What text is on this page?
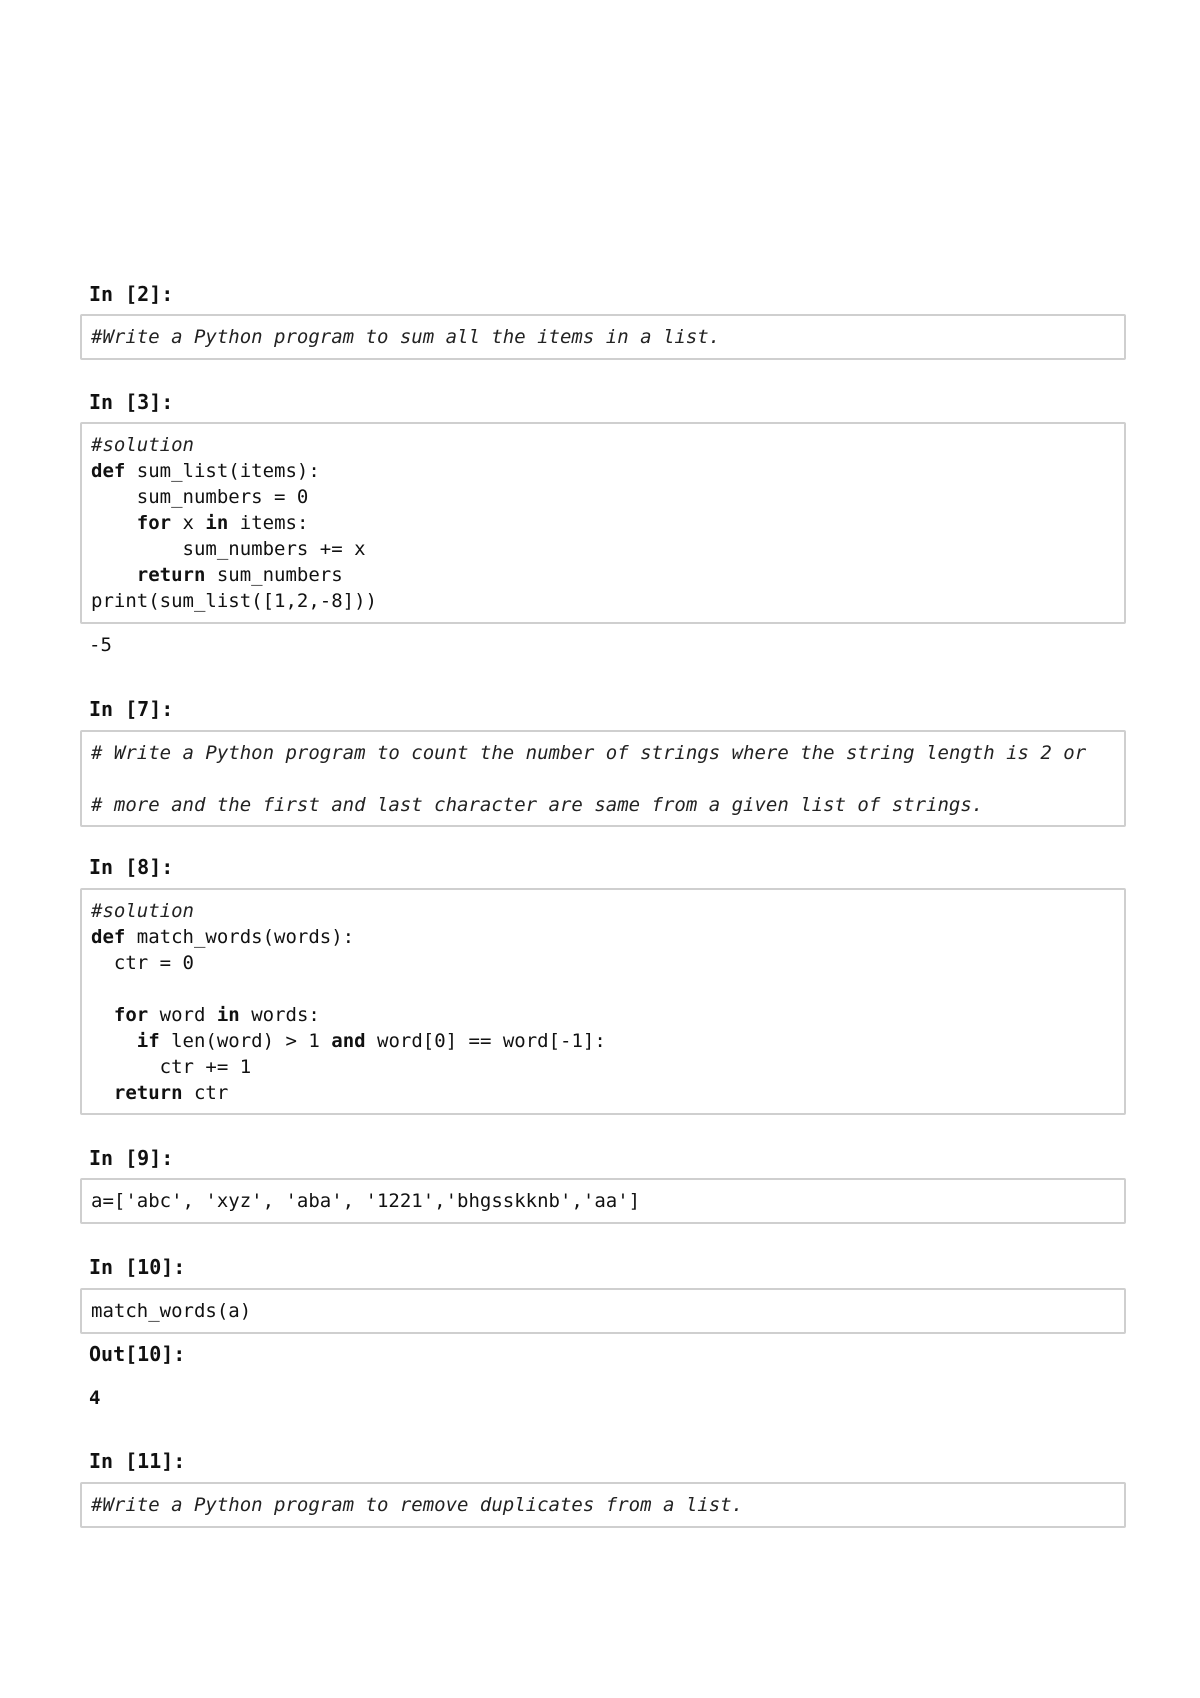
In [2]:
#Write a Python program to sum all the items in a list.
In [3]:
#solution
def sum_list(items):
sum_numbers = 0
for x in items:
sum_numbers += x
return sum_numbers
print(sum_list([1,2,-8]))
-5
In [7]:
# Write a Python program to count the number of strings where the string length is 2 or

# more and the first and last character are same from a given list of strings.
In [8]:
#solution
def match_words(words):
ctr = 0

for word in words:
if len(word) > 1 and word[0] == word[-1]:
ctr += 1
return ctr
In [9]:
a=['abc', 'xyz', 'aba', '1221','bhgsskknb','aa']
In [10]:
match_words(a)
Out[10]:
4
In [11]:
#Write a Python program to remove duplicates from a list.
